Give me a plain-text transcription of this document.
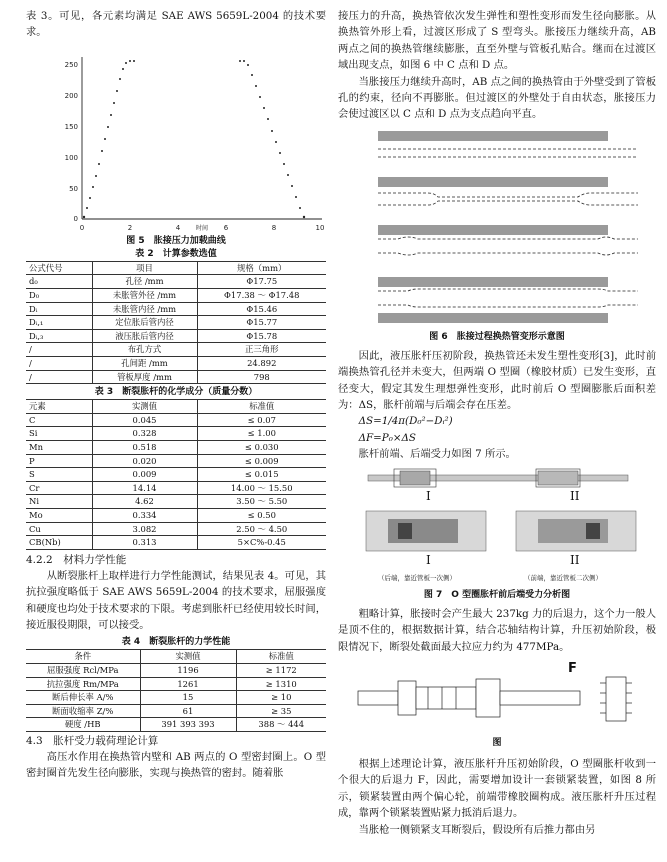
表 3。可见，各元素均满足 SAE AWS 5659L-2004 的技术要求。

250
200
150
100
50
0
0	2	4	6	8	10
时间

图 5　胀接压力加载曲线

表 2　计算参数选值

公式代号	项目	规格（mm）
d₀	孔径 /mm	Φ17.75
D₀	未胀管外径 /mm	Φ17.38 ～ Φ17.48
Dᵢ	未胀管内径 /mm	Φ15.46
Dᵢ,₁	定位胀后管内径	Φ15.77
Dᵢ,₃	液压胀后管内径	Φ15.78
/	布孔方式	正三角形
/	孔间距 /mm	24.892
/	管板厚度 /mm	798

表 3　断裂胀杆的化学成分（质量分数）

元素	实测值	标准值
C	0.045	≤ 0.07
Si	0.328	≤ 1.00
Mn	0.518	≤ 0.030
P	0.020	≤ 0.009
S	0.009	≤ 0.015
Cr	14.14	14.00 ～ 15.50
Ni	4.62	3.50 ～ 5.50
Mo	0.334	≤ 0.50
Cu	3.082	2.50 ～ 4.50
CB(Nb)	0.313	5×C%-0.45

4.2.2　材料力学性能

从断裂胀杆上取样进行力学性能测试，结果见表 4。可见，其抗拉强度略低于 SAE AWS 5659L-2004 的技术要求，屈服强度和硬度也均处于技术要求的下限。考虑到胀杆已经使用较长时间，接近服役期限，可以接受。

表 4　断裂胀杆的力学性能

条件	实测值	标准值
屈服强度 Rcl/MPa	1196	≥ 1172
抗拉强度 Rm/MPa	1261	≥ 1310
断后伸长率 A/%	15	≥ 10
断面收缩率 Z/%	61	≥ 35
硬度 /HB	391 393 393	388 ～ 444

4.3　胀杆受力载荷理论计算

高压水作用在换热管内壁和 AB 两点的 O 型密封圈上。O 型密封圈首先发生径向膨胀，实现与换热管的密封。随着胀

接压力的升高，换热管依次发生弹性和塑性变形而发生径向膨胀。从换热管外形上看，过渡区形成了 S 型弯头。胀接压力继续升高，AB 两点之间的换热管继续膨胀，直至外壁与管板孔贴合。继而在过渡区域出现支点，如图 6 中 C 点和 D 点。

当胀接压力继续升高时，AB 点之间的换热管由于外壁受到了管板孔的约束，径向不再膨胀。但过渡区的外壁处于自由状态，胀接压力会使过渡区以 C 点和 D 点为支点趋向平直。

图 6　胀接过程换热管变形示意图

因此，液压胀杆压初阶段，换热管还未发生塑性变形[3]，此时前端换热管孔径并未变大，但两端 O 型圈（橡胶材质）已发生变形，直径变大，假定其发生理想弹性变形，此时前后 O 型圈膨胀后面积差为：ΔS，胀杆前端与后端会存在压差。

ΔS=1/4π(D₀²−Dᵢ²)

ΔF=P₀×ΔS

胀杆前端、后端受力如图 7 所示。

I	II
I	II
（后端，靠近管板一次侧）	（前端，靠近管板二次侧）

图 7　O 型圈胀杆前后端受力分析图

粗略计算，胀接时会产生最大 237kg 力的后退力，这个力一般人是顶不住的，根据数据计算，结合芯轴结构计算，升压初始阶段，极限情况下，断裂处截面最大拉应力约为 477MPa。

F

图

根据上述理论计算，液压胀杆升压初始阶段，O 型圈胀杆收到一个很大的后退力 F，因此，需要增加设计一套锁紧装置，如图 8 所示，锁紧装置由两个偏心轮，前端带橡胶圈构成。液压胀杆升压过程成，靠两个锁紧装置贴紧力抵消后退力。

当胀枪一侧锁紧支耳断裂后，假设所有后推力都由另
